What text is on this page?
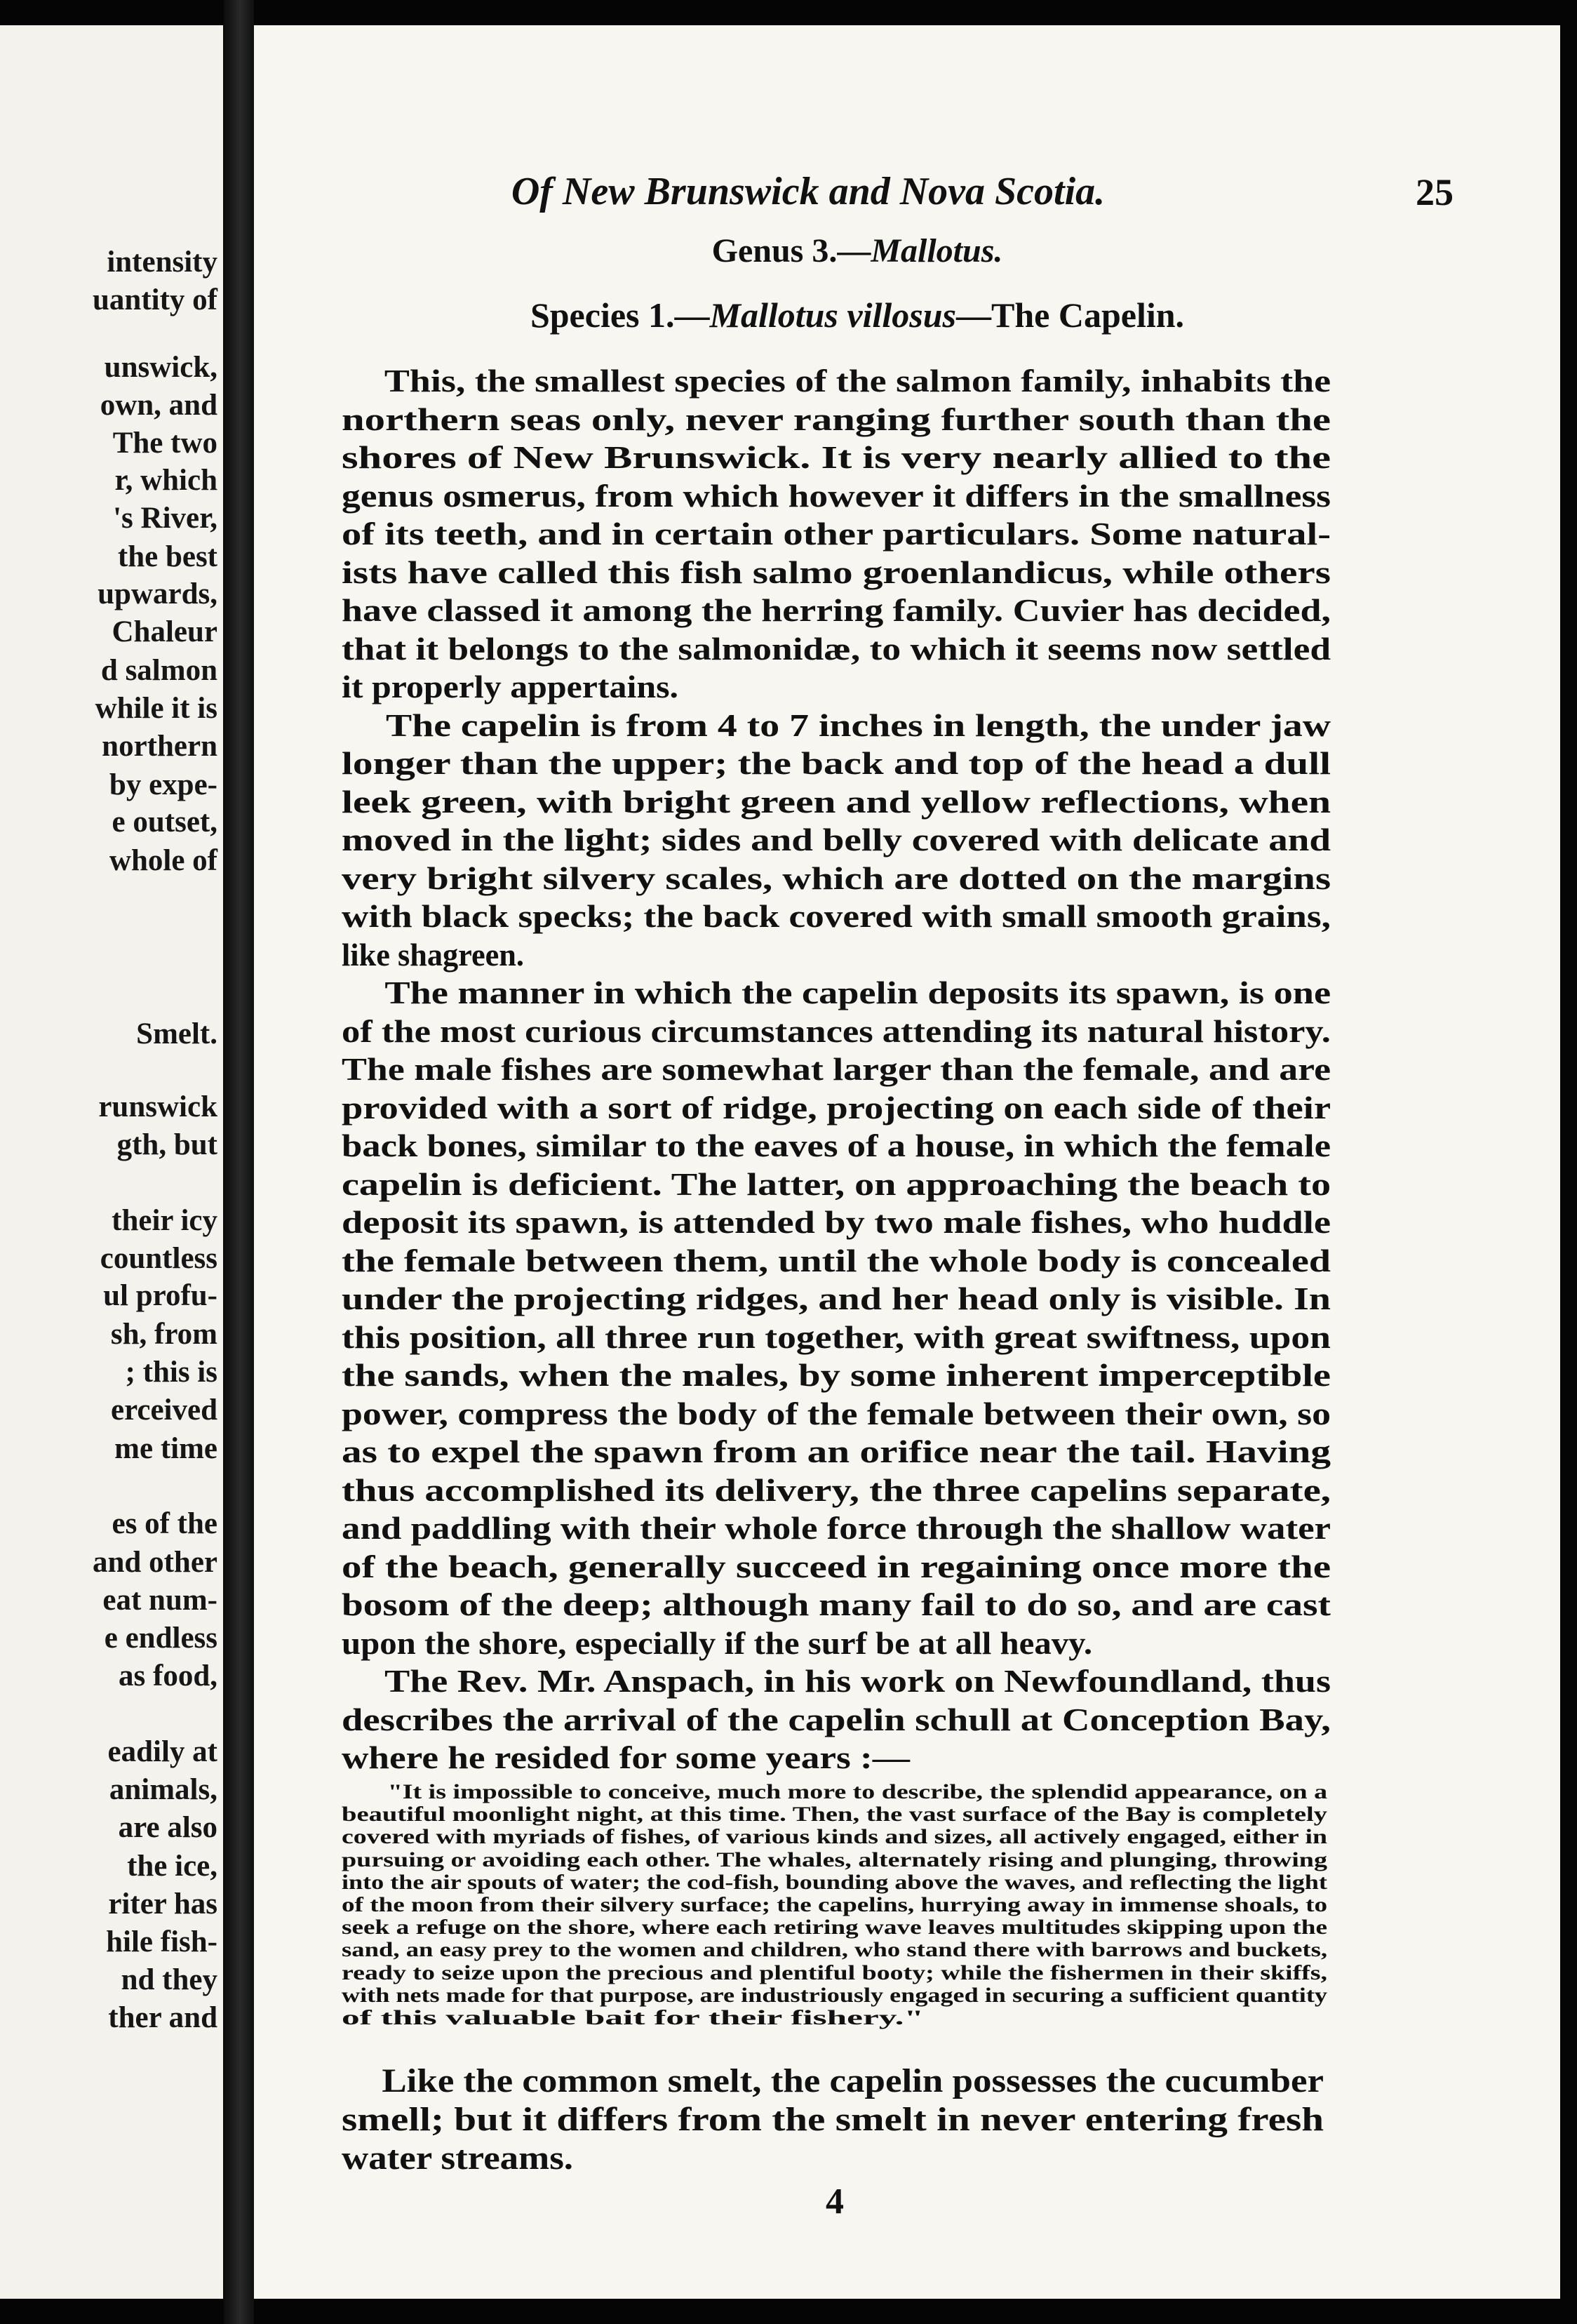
intensity
uantity of
unswick,
own, and
The two
r, which
's River,
the best
upwards,
Chaleur
d salmon
while it is
northern
by expe-
e outset,
whole of
Smelt.
runswick
gth, but
their icy
countless
ul profu-
sh, from
; this is
erceived
me time
es of the
and other
eat num-
e endless
as food,
eadily at
animals,
are also
the ice,
riter has
hile fish-
nd they
ther and
Of New Brunswick and Nova Scotia.	25
Genus 3.—Mallotus.
Species 1.—Mallotus villosus—The Capelin.
This, the smallest species of the salmon family, inhabits the
northern seas only, never ranging further south than the
shores of New Brunswick. It is very nearly allied to the
genus osmerus, from which however it differs in the smallness
of its teeth, and in certain other particulars. Some natural-
ists have called this fish salmo groenlandicus, while others
have classed it among the herring family. Cuvier has decided,
that it belongs to the salmonidæ, to which it seems now settled
it properly appertains.
The capelin is from 4 to 7 inches in length, the under jaw
longer than the upper; the back and top of the head a dull
leek green, with bright green and yellow reflections, when
moved in the light; sides and belly covered with delicate and
very bright silvery scales, which are dotted on the margins
with black specks; the back covered with small smooth grains,
like shagreen.
The manner in which the capelin deposits its spawn, is one
of the most curious circumstances attending its natural history.
The male fishes are somewhat larger than the female, and are
provided with a sort of ridge, projecting on each side of their
back bones, similar to the eaves of a house, in which the female
capelin is deficient. The latter, on approaching the beach to
deposit its spawn, is attended by two male fishes, who huddle
the female between them, until the whole body is concealed
under the projecting ridges, and her head only is visible. In
this position, all three run together, with great swiftness, upon
the sands, when the males, by some inherent imperceptible
power, compress the body of the female between their own, so
as to expel the spawn from an orifice near the tail. Having
thus accomplished its delivery, the three capelins separate,
and paddling with their whole force through the shallow water
of the beach, generally succeed in regaining once more the
bosom of the deep; although many fail to do so, and are cast
upon the shore, especially if the surf be at all heavy.
The Rev. Mr. Anspach, in his work on Newfoundland, thus
describes the arrival of the capelin schull at Conception Bay,
where he resided for some years :—
"It is impossible to conceive, much more to describe, the splendid appearance, on a
beautiful moonlight night, at this time. Then, the vast surface of the Bay is completely
covered with myriads of fishes, of various kinds and sizes, all actively engaged, either in
pursuing or avoiding each other. The whales, alternately rising and plunging, throwing
into the air spouts of water; the cod-fish, bounding above the waves, and reflecting the light
of the moon from their silvery surface; the capelins, hurrying away in immense shoals, to
seek a refuge on the shore, where each retiring wave leaves multitudes skipping upon the
sand, an easy prey to the women and children, who stand there with barrows and buckets,
ready to seize upon the precious and plentiful booty; while the fishermen in their skiffs,
with nets made for that purpose, are industriously engaged in securing a sufficient quantity
of this valuable bait for their fishery."
Like the common smelt, the capelin possesses the cucumber
smell; but it differs from the smelt in never entering fresh
water streams.
4
